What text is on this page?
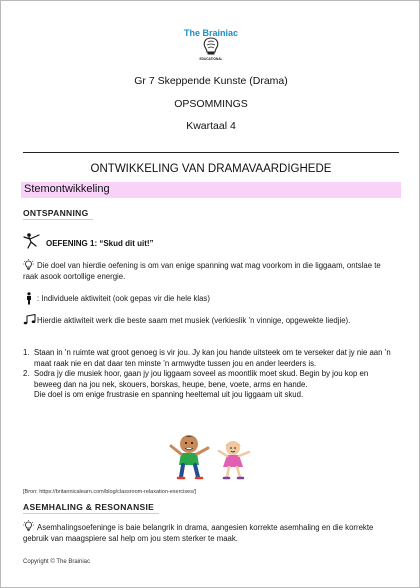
The Brainiac
EDUCATIONAL
Gr 7 Skeppende Kunste (Drama)
OPSOMMINGS
Kwartaal 4
ONTWIKKELING VAN DRAMAVAARDIGHEDE
Stemontwikkeling
ONTSPANNING
OEFENING 1: “Skud dit uit!”
Die doel van hierdie oefening is om van enige spanning wat mag voorkom in die liggaam, ontslae te raak asook oortollige energie.
: Individuele aktiwiteit (ook gepas vir die hele klas)
Hierdie aktiwiteit werk die beste saam met musiek (verkieslik ’n vinnige, opgewekte liedjie).
1. Staan in ’n ruimte wat groot genoeg is vir jou. Jy kan jou hande uitsteek om te verseker dat jy nie aan ’n maat raak nie en dat daar ten minste ’n armwydte tussen jou en ander leerders is.
2. Sodra jy die musiek hoor, gaan jy jou liggaam soveel as moontlik moet skud. Begin by jou kop en beweeg dan na jou nek, skouers, borskas, heupe, bene, voete, arms en hande.
Die doel is om enige frustrasie en spanning heeltemal uit jou liggaam uit skud.
[Bron: https://britannicalearn.com/blog/classroom-relaxation-exercises/]
ASEMHALING & RESONANSIE
Asemhalingsoefeninge is baie belangrik in drama, aangesien korrekte asemhaling en die korrekte gebruik van maagspiere sal help om jou stem sterker te maak.
Copyright © The Brainiac
